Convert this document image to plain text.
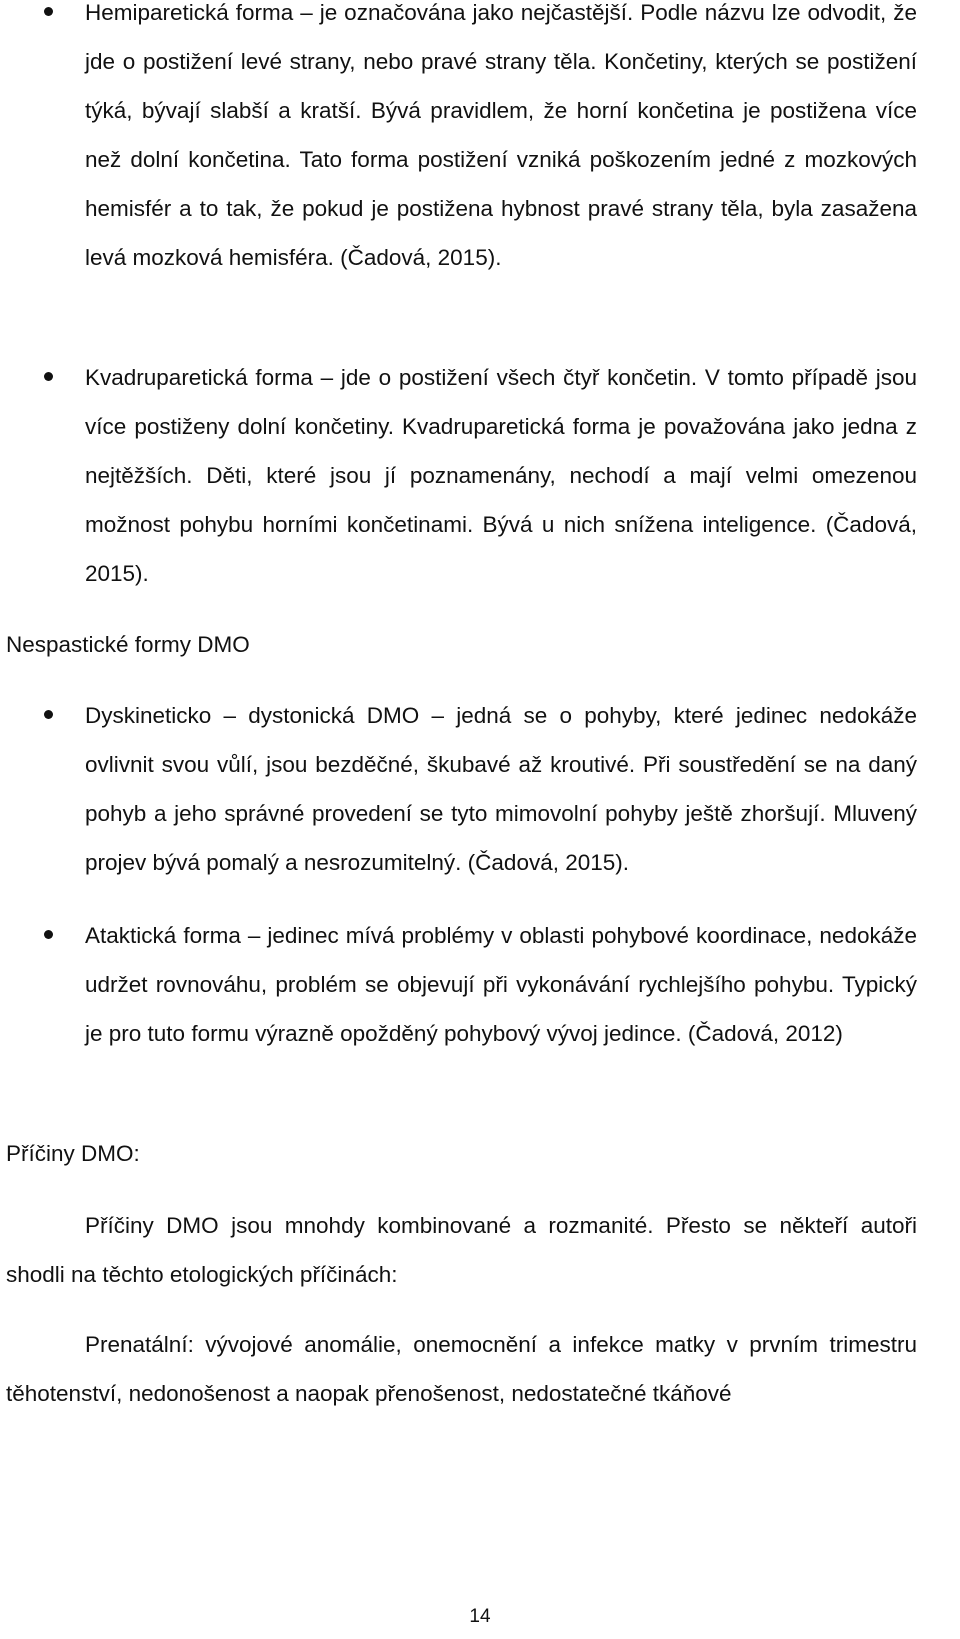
Hemiparetická forma – je označována jako nejčastější. Podle názvu lze odvodit, že jde o postižení levé strany, nebo pravé strany těla. Končetiny, kterých se postižení týká, bývají slabší a kratší. Bývá pravidlem, že horní končetina je postižena více než dolní končetina. Tato forma postižení vzniká poškozením jedné z mozkových hemisfér a to tak, že pokud je postižena hybnost pravé strany těla, byla zasažena levá mozková hemisféra. (Čadová, 2015).
Kvadruparetická forma – jde o postižení všech čtyř končetin. V tomto případě jsou více postiženy dolní končetiny. Kvadruparetická forma je považována jako jedna z nejtěžších. Děti, které jsou jí poznamenány, nechodí a mají velmi omezenou možnost pohybu horními končetinami. Bývá u nich snížena inteligence. (Čadová, 2015).
Nespastické formy DMO
Dyskineticko – dystonická DMO – jedná se o pohyby, které jedinec nedokáže ovlivnit svou vůlí, jsou bezděčné, škubavé až kroutivé. Při soustředění se na daný pohyb a jeho správné provedení se tyto mimovolní pohyby ještě zhoršují. Mluvený projev bývá pomalý a nesrozumitelný. (Čadová, 2015).
Ataktická forma – jedinec mívá problémy v oblasti pohybové koordinace, nedokáže udržet rovnováhu, problém se objevují při vykonávání rychlejšího pohybu. Typický je pro tuto formu výrazně opožděný pohybový vývoj jedince. (Čadová, 2012)
Příčiny DMO:
Příčiny DMO jsou mnohdy kombinované a rozmanité. Přesto se někteří autoři shodli na těchto etologických příčinách:
Prenatální: vývojové anomálie, onemocnění a infekce matky v prvním trimestru těhotenství, nedonošenost a naopak přenošenost, nedostatečné tkáňové
14
